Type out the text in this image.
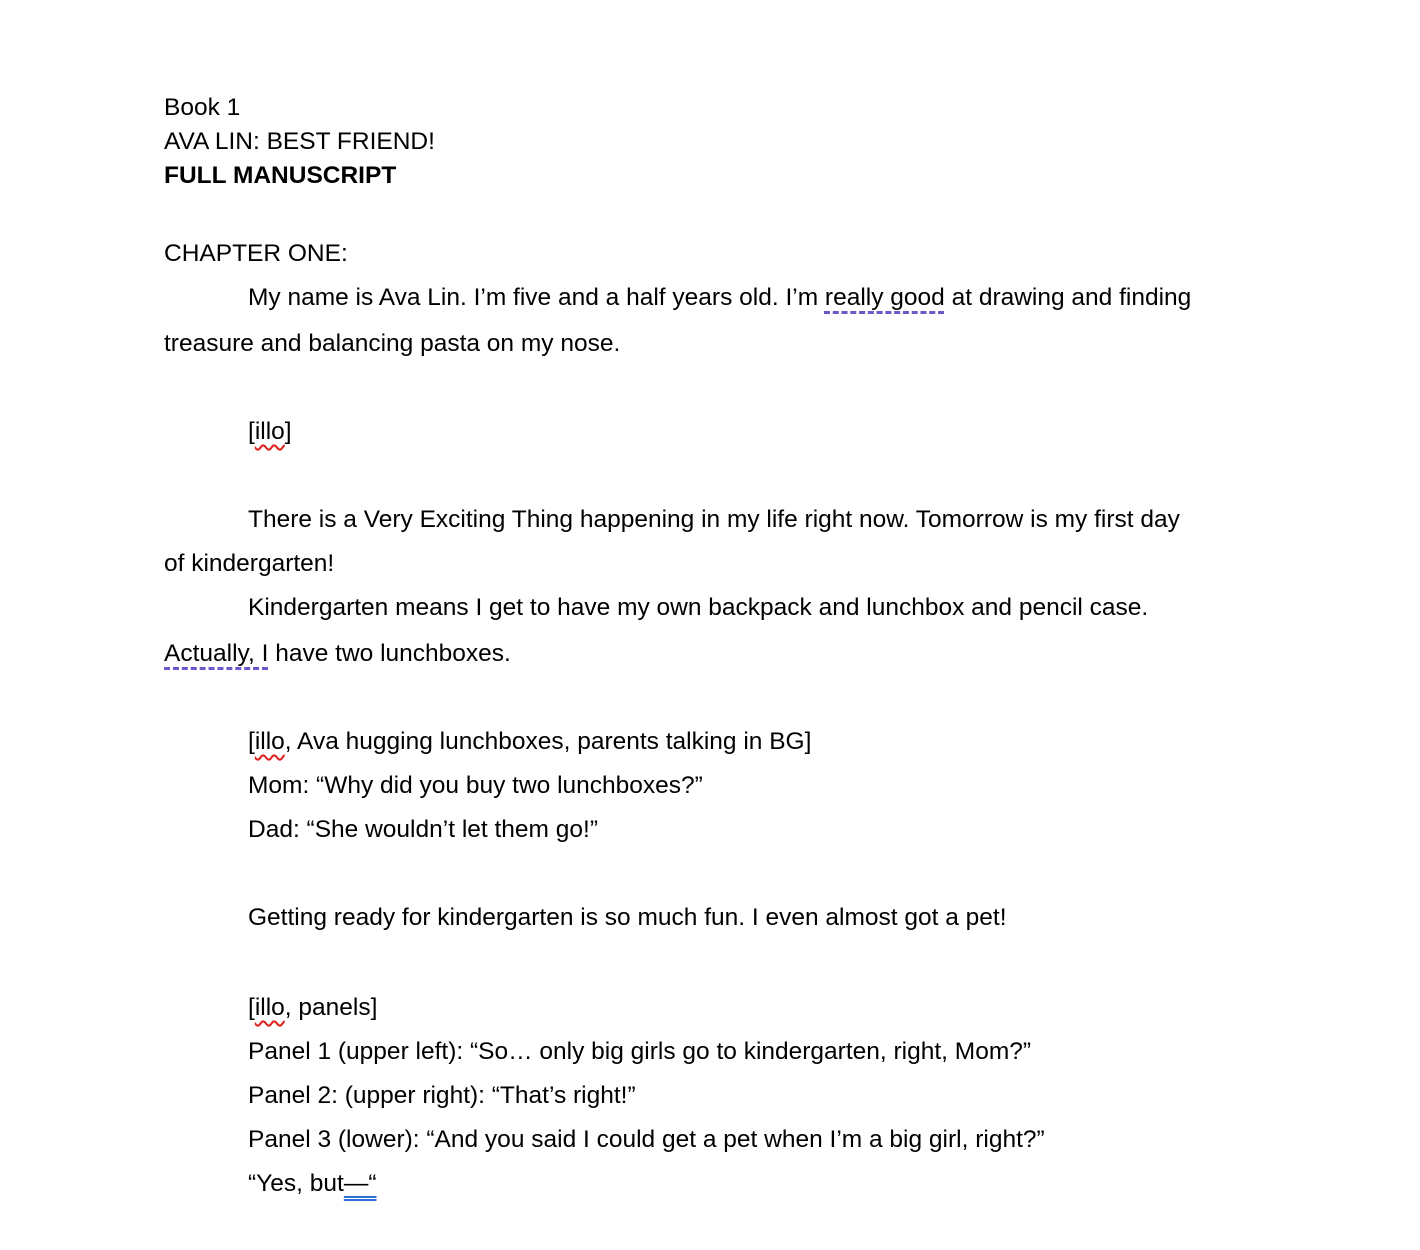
Book 1
AVA LIN: BEST FRIEND!
FULL MANUSCRIPT
CHAPTER ONE:
My name is Ava Lin. I’m five and a half years old. I’m really good at drawing and finding
treasure and balancing pasta on my nose.
[illo]
There is a Very Exciting Thing happening in my life right now. Tomorrow is my first day
of kindergarten!
Kindergarten means I get to have my own backpack and lunchbox and pencil case.
Actually, I have two lunchboxes.
[illo, Ava hugging lunchboxes, parents talking in BG]
Mom: “Why did you buy two lunchboxes?”
Dad: “She wouldn’t let them go!”
Getting ready for kindergarten is so much fun. I even almost got a pet!
[illo, panels]
Panel 1 (upper left): “So… only big girls go to kindergarten, right, Mom?”
Panel 2: (upper right): “That’s right!”
Panel 3 (lower): “And you said I could get a pet when I’m a big girl, right?”
“Yes, but—“
